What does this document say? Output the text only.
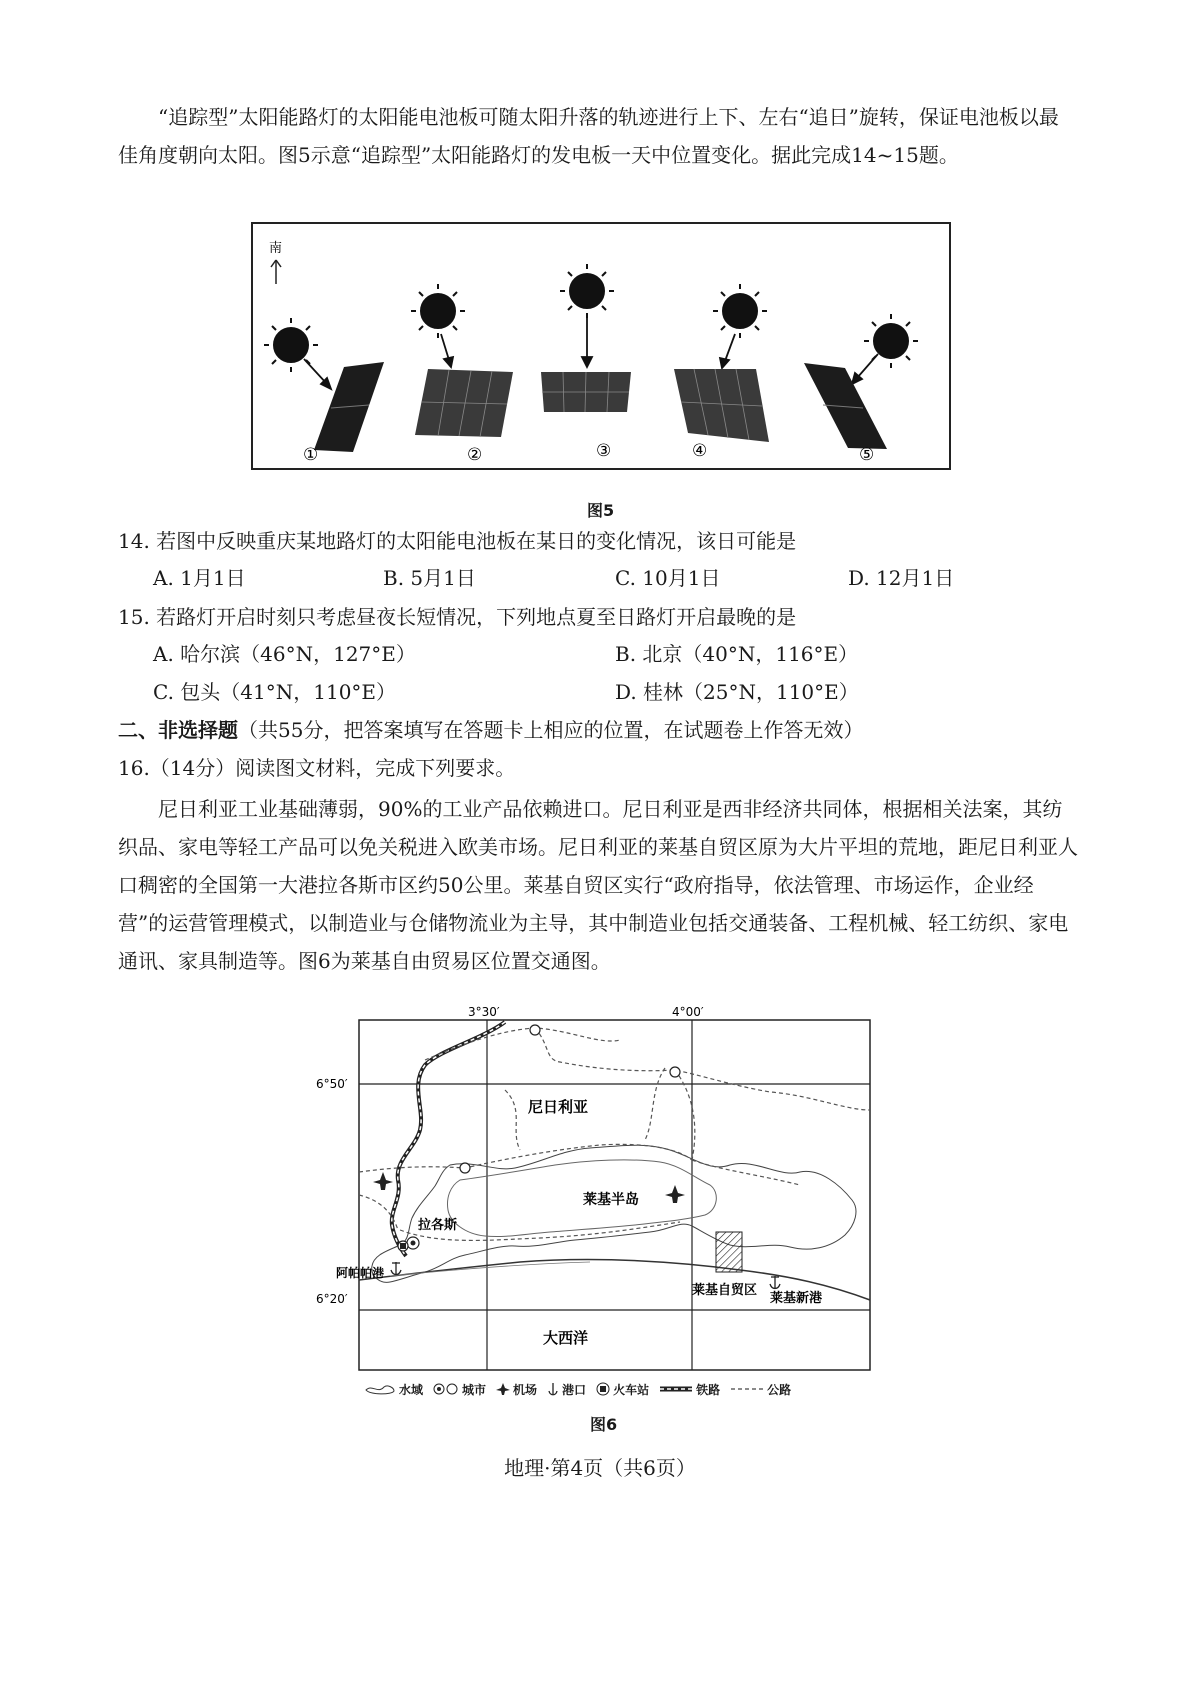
“追踪型”太阳能路灯的太阳能电池板可随太阳升落的轨迹进行上下、左右“追日”旋转，保证电池板以最佳角度朝向太阳。图5示意“追踪型”太阳能路灯的发电板一天中位置变化。据此完成14~15题。

南
①	②	③	④	⑤
图5

14. 若图中反映重庆某地路灯的太阳能电池板在某日的变化情况，该日可能是

A. 1月1日	B. 5月1日	C. 10月1日	D. 12月1日

15. 若路灯开启时刻只考虑昼夜长短情况，下列地点夏至日路灯开启最晚的是

A. 哈尔滨（46°N，127°E）	B. 北京（40°N，116°E）
C. 包头（41°N，110°E）	D. 桂林（25°N，110°E）

二、非选择题（共55分，把答案填写在答题卡上相应的位置，在试题卷上作答无效）

16.（14分）阅读图文材料，完成下列要求。

尼日利亚工业基础薄弱，90%的工业产品依赖进口。尼日利亚是西非经济共同体，根据相关法案，其纺织品、家电等轻工产品可以免关税进入欧美市场。尼日利亚的莱基自贸区原为大片平坦的荒地，距尼日利亚人口稠密的全国第一大港拉各斯市区约50公里。莱基自贸区实行“政府指导，依法管理、市场运作，企业经营”的运营管理模式，以制造业与仓储物流业为主导，其中制造业包括交通装备、工程机械、轻工纺织、家电通讯、家具制造等。图6为莱基自由贸易区位置交通图。

3°30′	4°00′
6°50′
6°20′
尼日利亚
莱基半岛
拉各斯
阿帕帕港
莱基自贸区
莱基新港
大西洋
水域	城市 机场 港口 火车站	铁路	公路
图6
地理·第4页（共6页）
